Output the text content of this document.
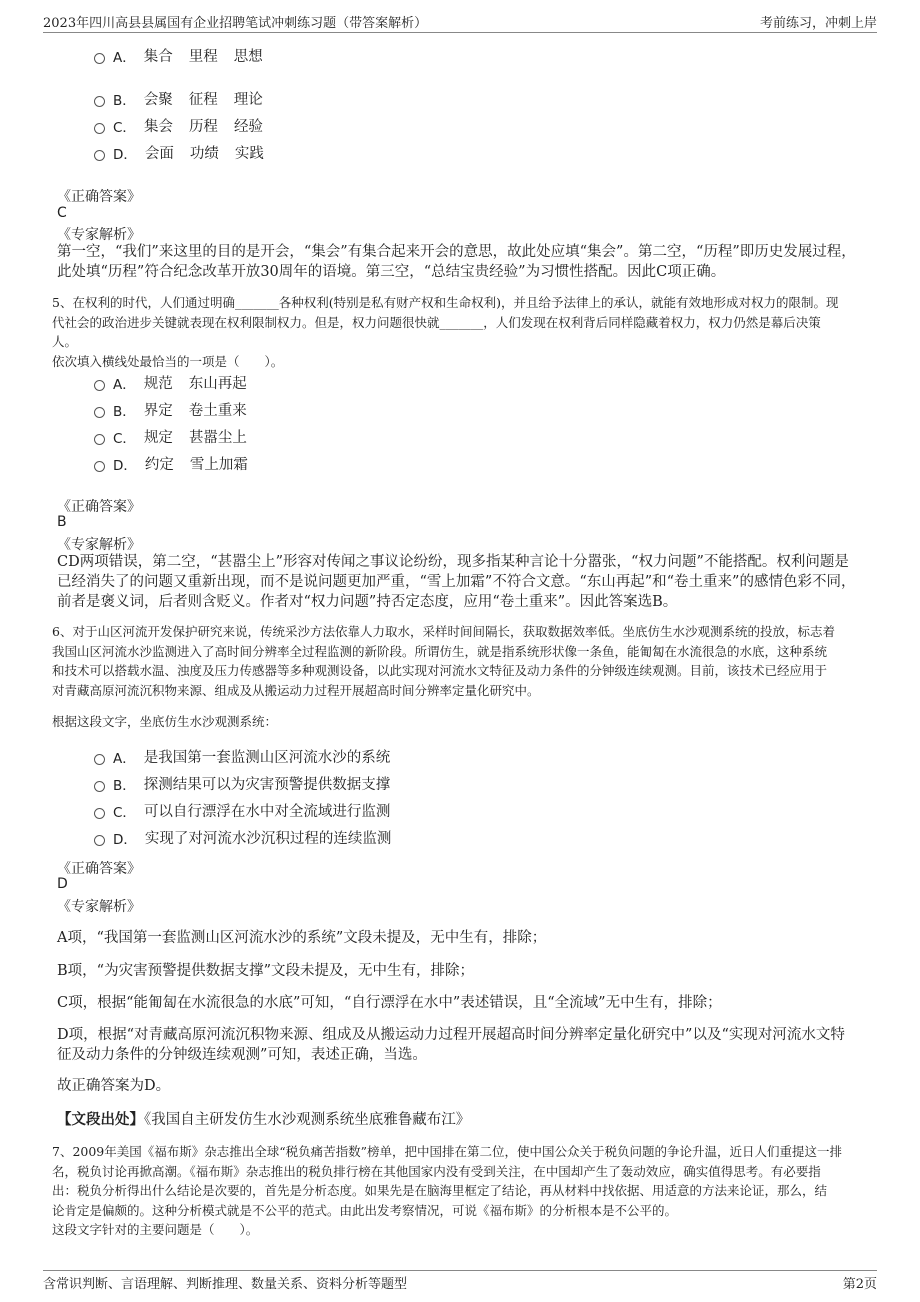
2023年四川高县县属国有企业招聘笔试冲刺练习题（带答案解析）	考前练习，冲刺上岸
A． 集合 里程 思想
B． 会聚 征程 理论
C． 集会 历程 经验
D． 会面 功绩 实践
《正确答案》
C
《专家解析》
第一空，“我们”来这里的目的是开会，“集会”有集合起来开会的意思，故此处应填“集会”。第二空，“历程”即历史发展过程，
此处填“历程”符合纪念改革开放30周年的语境。第三空，“总结宝贵经验”为习惯性搭配。因此C项正确。
5、在权利的时代，人们通过明确_______各种权利(特别是私有财产权和生命权利)，并且给予法律上的承认，就能有效地形成对权力的限制。现
代社会的政治进步关键就表现在权利限制权力。但是，权力问题很快就_______，人们发现在权利背后同样隐藏着权力，权力仍然是幕后决策
人。
依次填入横线处最恰当的一项是（　　）。
A． 规范 东山再起
B． 界定 卷土重来
C． 规定 甚嚣尘上
D． 约定 雪上加霜
《正确答案》
B
《专家解析》
CD两项错误，第二空，“甚嚣尘上”形容对传闻之事议论纷纷，现多指某种言论十分嚣张，“权力问题”不能搭配。权利问题是
已经消失了的问题又重新出现，而不是说问题更加严重，“雪上加霜”不符合文意。“东山再起”和“卷土重来”的感情色彩不同，
前者是褒义词，后者则含贬义。作者对“权力问题”持否定态度，应用“卷土重来”。因此答案选B。
6、对于山区河流开发保护研究来说，传统采沙方法依靠人力取水，采样时间间隔长，获取数据效率低。坐底仿生水沙观测系统的投放，标志着
我国山区河流水沙监测进入了高时间分辨率全过程监测的新阶段。所谓仿生，就是指系统形状像一条鱼，能匍匐在水流很急的水底，这种系统
和技术可以搭载水温、浊度及压力传感器等多种观测设备，以此实现对河流水文特征及动力条件的分钟级连续观测。目前，该技术已经应用于
对青藏高原河流沉积物来源、组成及从搬运动力过程开展超高时间分辨率定量化研究中。
根据这段文字，坐底仿生水沙观测系统：
A． 是我国第一套监测山区河流水沙的系统
B． 探测结果可以为灾害预警提供数据支撑
C． 可以自行漂浮在水中对全流域进行监测
D． 实现了对河流水沙沉积过程的连续监测
《正确答案》
D
《专家解析》
A项，“我国第一套监测山区河流水沙的系统”文段未提及，无中生有，排除；
B项，“为灾害预警提供数据支撑”文段未提及，无中生有，排除；
C项，根据“能匍匐在水流很急的水底”可知，“自行漂浮在水中”表述错误，且“全流域”无中生有，排除；
D项，根据“对青藏高原河流沉积物来源、组成及从搬运动力过程开展超高时间分辨率定量化研究中”以及“实现对河流水文特
征及动力条件的分钟级连续观测”可知，表述正确，当选。
故正确答案为D。
【文段出处】《我国自主研发仿生水沙观测系统坐底雅鲁藏布江》
7、2009年美国《福布斯》杂志推出全球“税负痛苦指数”榜单，把中国排在第二位，使中国公众关于税负问题的争论升温，近日人们重提这一排
名，税负讨论再掀高潮。《福布斯》杂志推出的税负排行榜在其他国家内没有受到关注，在中国却产生了轰动效应，确实值得思考。有必要指
出：税负分析得出什么结论是次要的，首先是分析态度。如果先是在脑海里框定了结论，再从材料中找依据、用适意的方法来论证，那么，结
论肯定是偏颇的。这种分析模式就是不公平的范式。由此出发考察情况，可说《福布斯》的分析根本是不公平的。
这段文字针对的主要问题是（　　）。
含常识判断、言语理解、判断推理、数量关系、资料分析等题型	第2页
